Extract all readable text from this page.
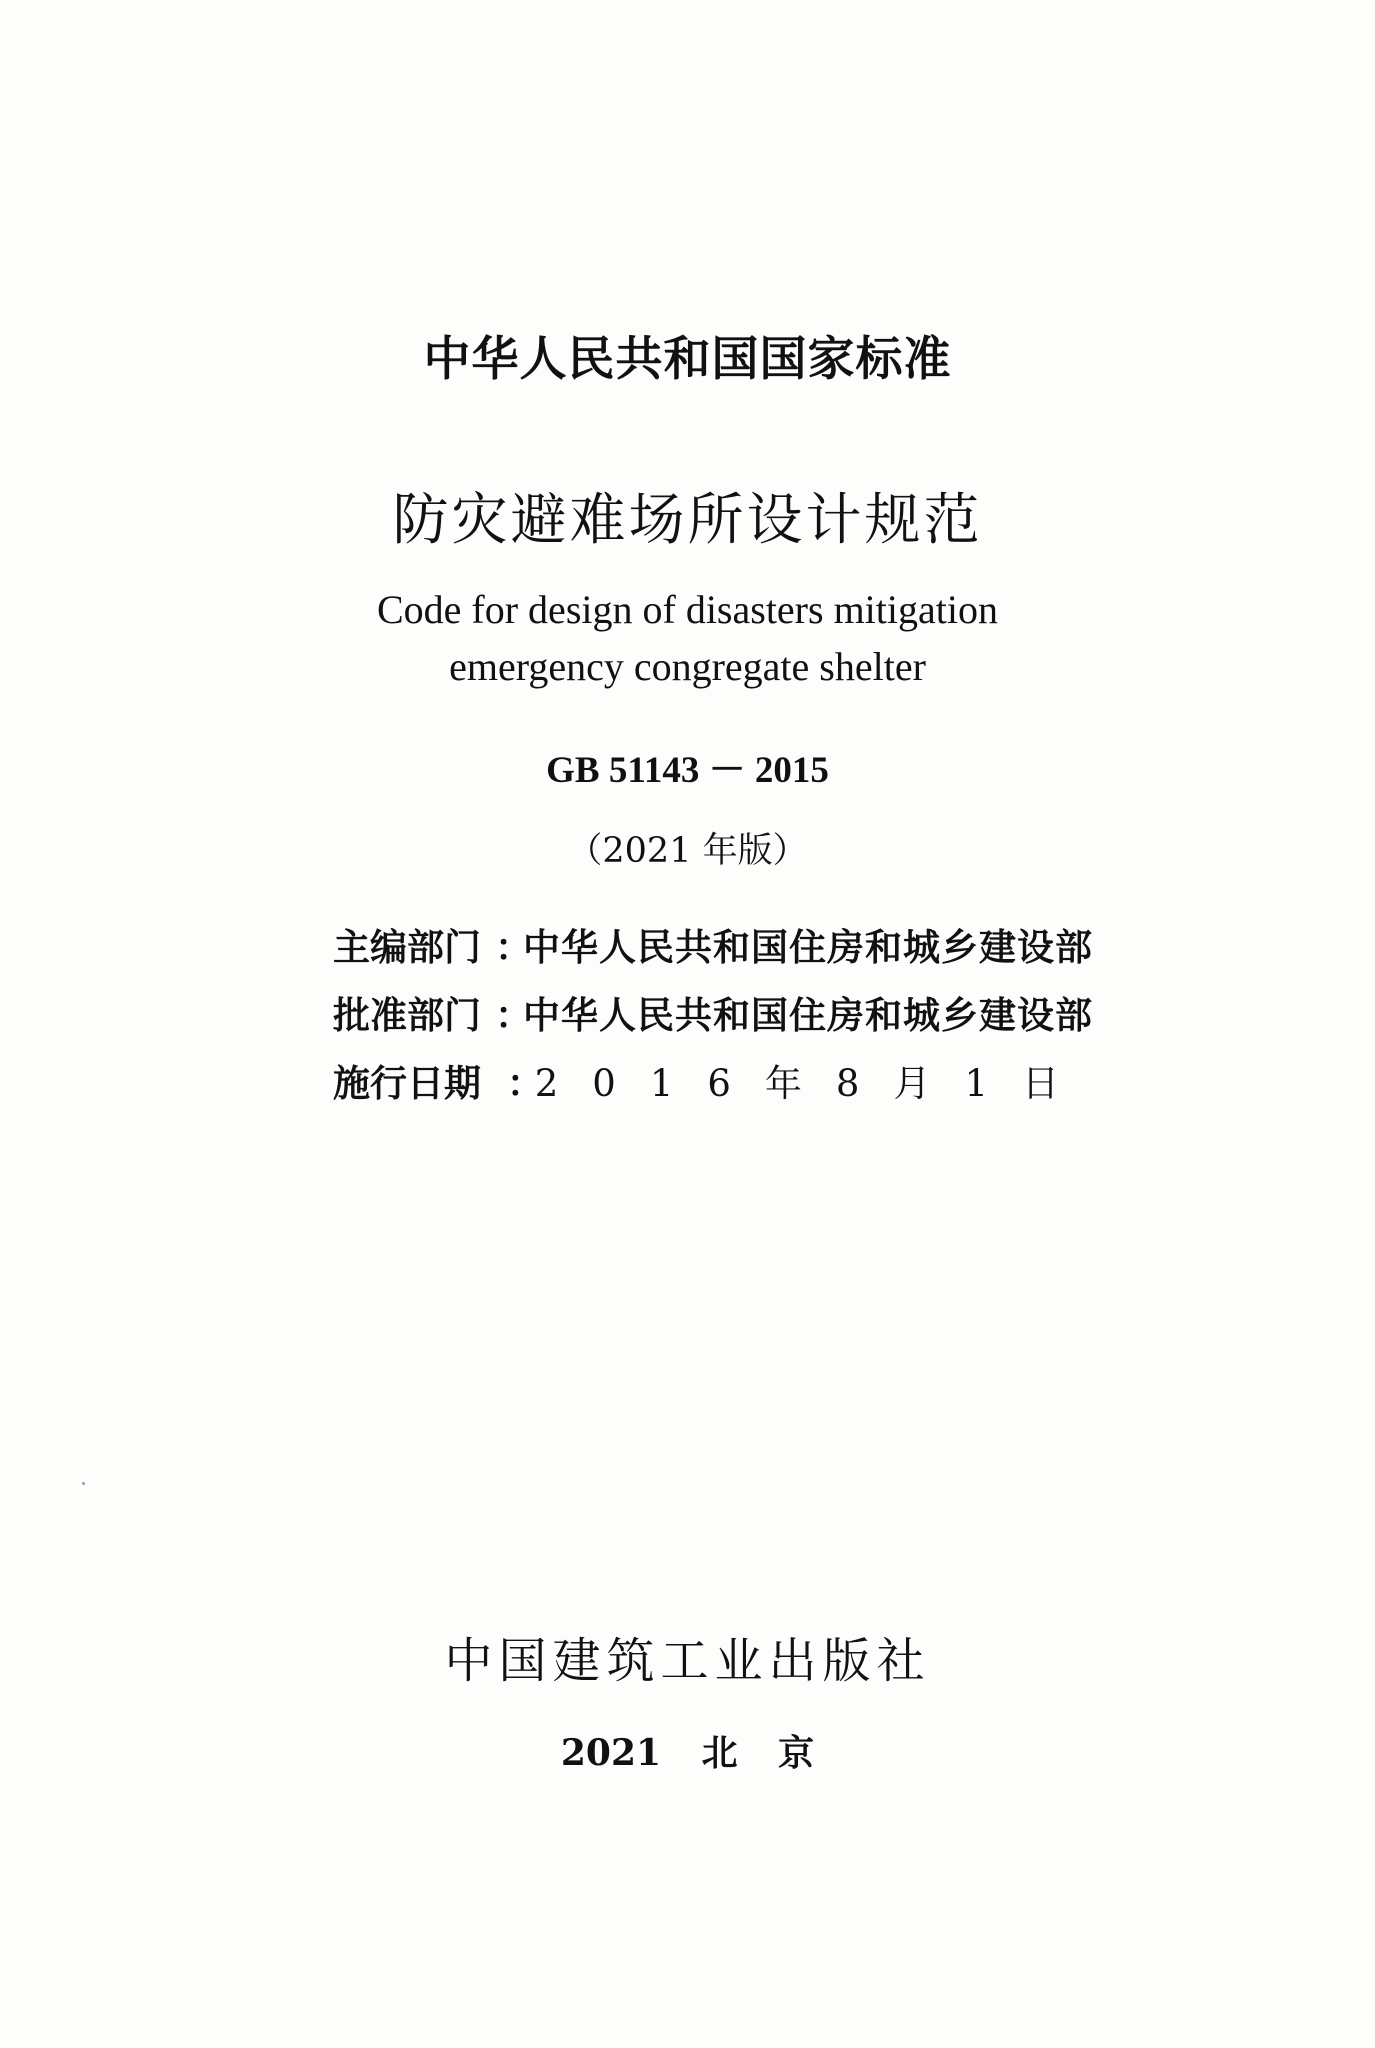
中华人民共和国国家标准
防灾避难场所设计规范
Code for design of disasters mitigation
emergency congregate shelter
GB 51143 － 2015
（2021 年版）
主编部门 ：
中华人民共和国住房和城乡建设部
批准部门 ：
中华人民共和国住房和城乡建设部
施行日期 ：
2016年8月1日
中国建筑工业出版社
2021 北 京
